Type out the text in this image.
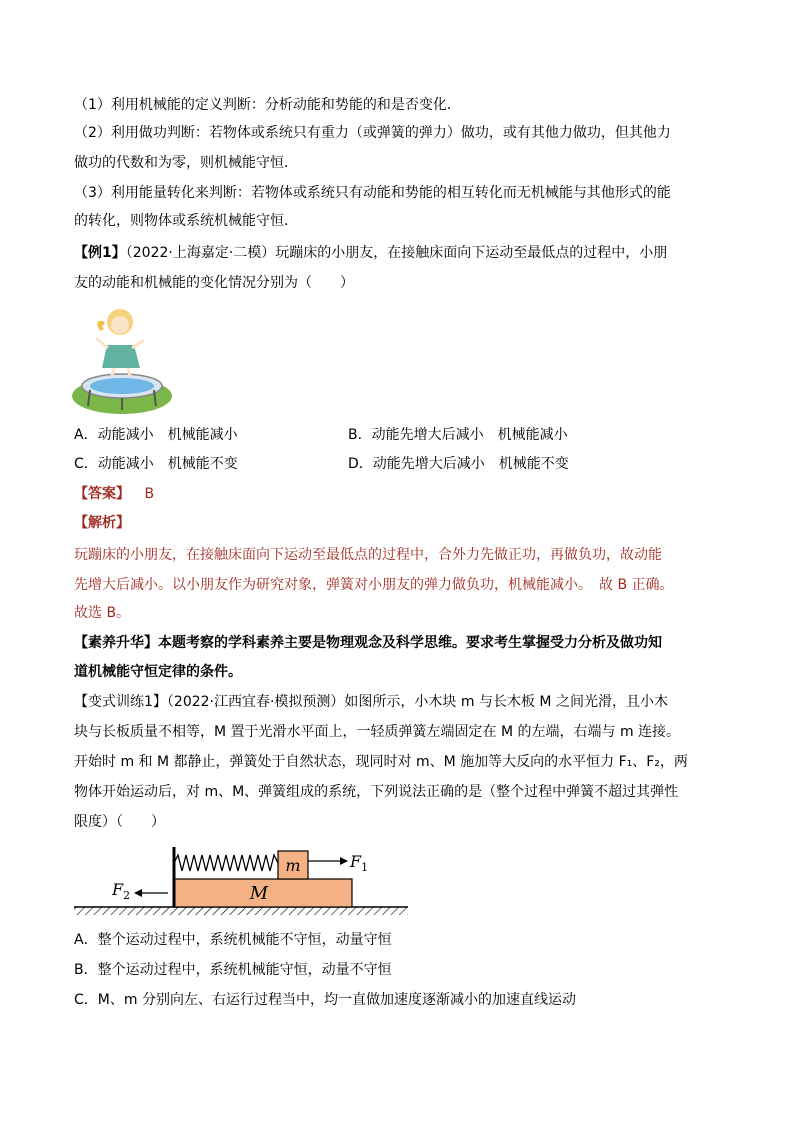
（1）利用机械能的定义判断：分析动能和势能的和是否变化．
（2）利用做功判断：若物体或系统只有重力（或弹簧的弹力）做功，或有其他力做功，但其他力
做功的代数和为零，则机械能守恒．
（3）利用能量转化来判断：若物体或系统只有动能和势能的相互转化而无机械能与其他形式的能
的转化，则物体或系统机械能守恒．
【例1】（2022·上海嘉定·二模）玩蹦床的小朋友，在接触床面向下运动至最低点的过程中，小朋
友的动能和机械能的变化情况分别为（　　）
A．动能减小　机械能减小	B．动能先增大后减小　机械能减小
C．动能减小　机械能不变	D．动能先增大后减小　机械能不变
【答案】 B
【解析】
玩蹦床的小朋友，在接触床面向下运动至最低点的过程中，合外力先做正功，再做负功，故动能
先增大后减小。以小朋友作为研究对象，弹簧对小朋友的弹力做负功，机械能减小。　故 B 正确。
故选 B。
【素养升华】本题考察的学科素养主要是物理观念及科学思维。要求考生掌握受力分析及做功知
道机械能守恒定律的条件。
【变式训练1】（2022·江西宜春·模拟预测）如图所示，小木块 m 与长木板 M 之间光滑，且小木
块与长板质量不相等，M 置于光滑水平面上，一轻质弹簧左端固定在 M 的左端，右端与 m 连接。
开始时 m 和 M 都静止，弹簧处于自然状态，现同时对 m、M 施加等大反向的水平恒力 F₁、F₂，两
物体开始运动后，对 m、M、弹簧组成的系统，下列说法正确的是（整个过程中弹簧不超过其弹性
限度）（　　）
m
M
$F_1$
$F_2$
A．整个运动过程中，系统机械能不守恒，动量守恒
B．整个运动过程中，系统机械能守恒，动量不守恒
C．M、m 分别向左、右运行过程当中，均一直做加速度逐渐减小的加速直线运动
